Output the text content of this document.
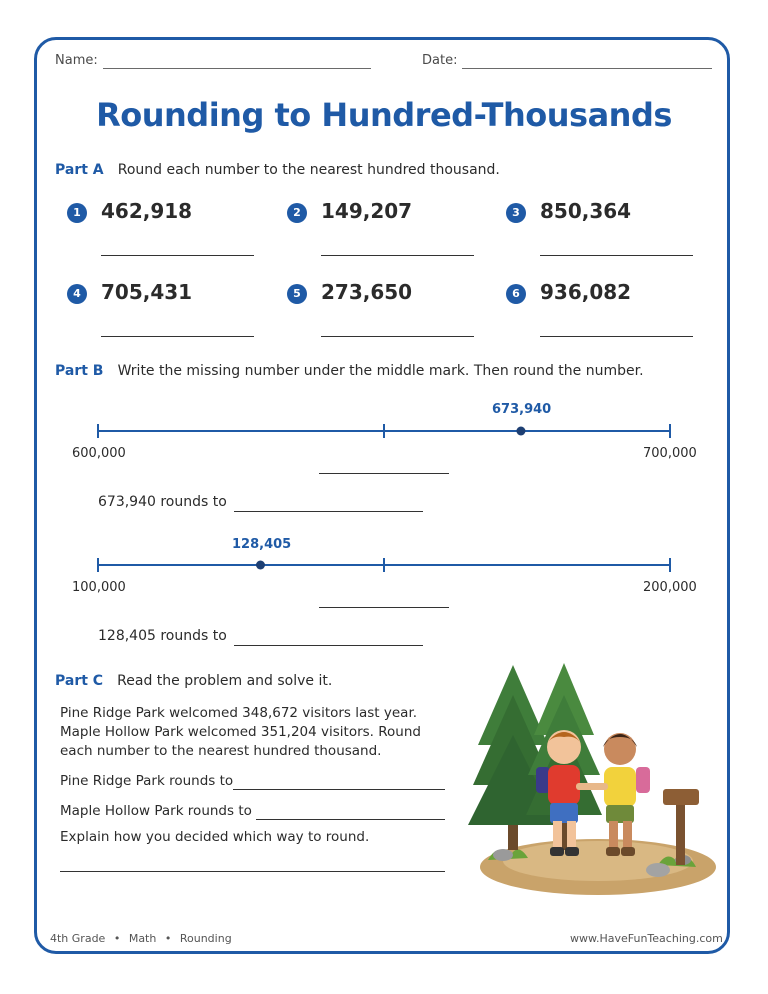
Name:	Date:
Rounding to Hundred-Thousands
Part A Round each number to the nearest hundred thousand.
1	462,918	2	149,207	3	850,364
4	705,431	5	273,650	6	936,082
Part B Write the missing number under the middle mark. Then round the number.
600,000	700,000
673,940
673,940 rounds to
100,000	200,000
128,405
128,405 rounds to
Part C Read the problem and solve it.
Pine Ridge Park welcomed 348,672 visitors last year.
Maple Hollow Park welcomed 351,204 visitors. Round
each number to the nearest hundred thousand.
Pine Ridge Park rounds to
Maple Hollow Park rounds to
Explain how you decided which way to round.
4th Grade • Math • Rounding	www.HaveFunTeaching.com
